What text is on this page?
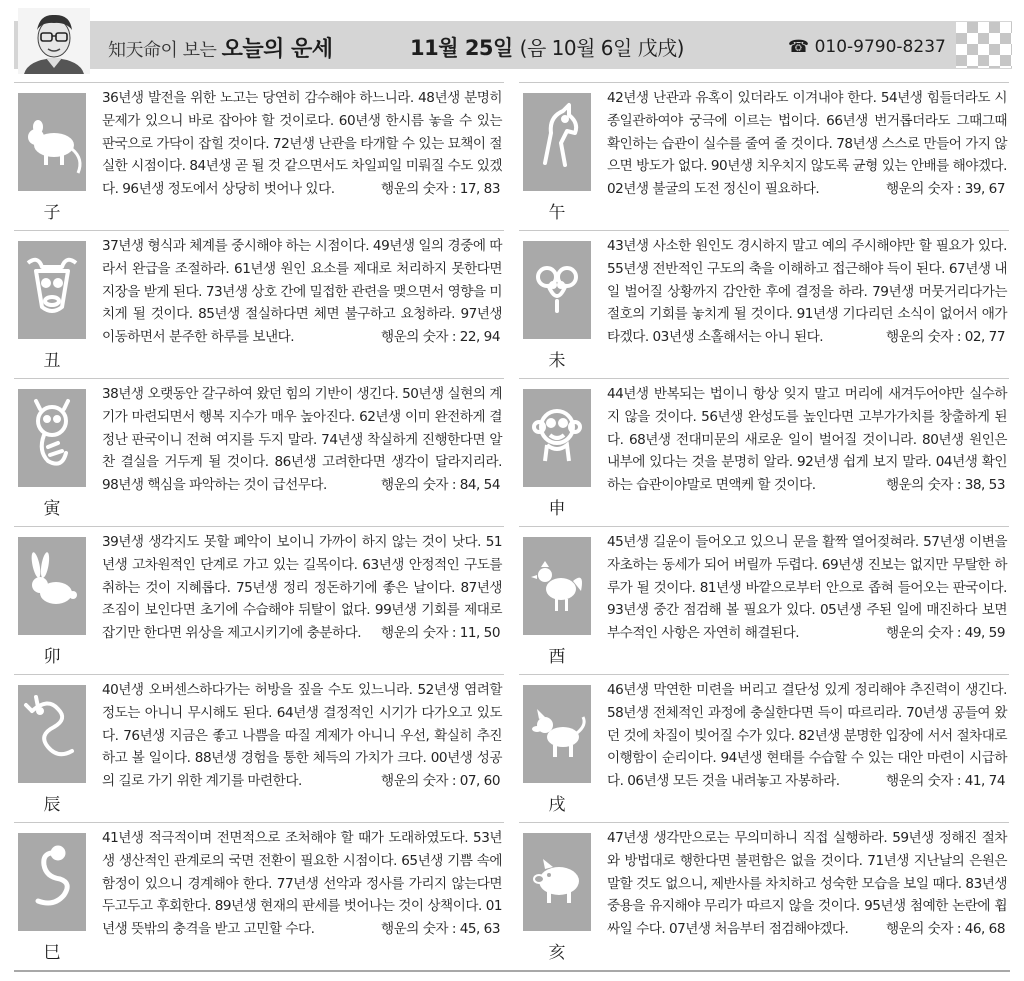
知天命이 보는 오늘의 운세	11월 25일 (음 10월 6일 戊戌)	☎ 010-9790-8237
子
36년생 발전을 위한 노고는 당연히 감수해야 하느니라. 48년생 분명히 문제가 있으니 바로 잡아야 할 것이로다. 60년생 한시름 놓을 수 있는 판국으로 가닥이 잡힐 것이다. 72년생 난관을 타개할 수 있는 묘책이 절실한 시점이다. 84년생 곧 될 것 같으면서도 차일피일 미뤄질 수도 있겠다. 96년생 정도에서 상당히 벗어나 있다.	행운의 숫자 : 17, 83
丑
37년생 형식과 체계를 중시해야 하는 시점이다. 49년생 일의 경중에 따라서 완급을 조절하라. 61년생 원인 요소를 제대로 처리하지 못한다면 지장을 받게 된다. 73년생 상호 간에 밀접한 관련을 맺으면서 영향을 미치게 될 것이다. 85년생 절실하다면 체면 불구하고 요청하라. 97년생 이동하면서 분주한 하루를 보낸다.	행운의 숫자 : 22, 94
寅
38년생 오랫동안 갈구하여 왔던 힘의 기반이 생긴다. 50년생 실현의 계기가 마련되면서 행복 지수가 매우 높아진다. 62년생 이미 완전하게 결정난 판국이니 전혀 여지를 두지 말라. 74년생 착실하게 진행한다면 알찬 결실을 거두게 될 것이다. 86년생 고려한다면 생각이 달라지리라. 98년생 핵심을 파악하는 것이 급선무다.	행운의 숫자 : 84, 54
卯
39년생 생각지도 못할 폐악이 보이니 가까이 하지 않는 것이 낫다. 51년생 고차원적인 단계로 가고 있는 길목이다. 63년생 안정적인 구도를 취하는 것이 지혜롭다. 75년생 정리 정돈하기에 좋은 날이다. 87년생 조짐이 보인다면 초기에 수습해야 뒤탈이 없다. 99년생 기회를 제대로 잡기만 한다면 위상을 제고시키기에 충분하다. 행운의 숫자 : 11, 50
辰
40년생 오버센스하다가는 허방을 짚을 수도 있느니라. 52년생 염려할 정도는 아니니 무시해도 된다. 64년생 결정적인 시기가 다가오고 있도다. 76년생 지금은 좋고 나쁨을 따질 계제가 아니니 우선, 확실히 추진하고 볼 일이다. 88년생 경험을 통한 체득의 가치가 크다. 00년생 성공의 길로 가기 위한 계기를 마련한다.	행운의 숫자 : 07, 60
巳
41년생 적극적이며 전면적으로 조처해야 할 때가 도래하였도다. 53년생 생산적인 관계로의 국면 전환이 필요한 시점이다. 65년생 기쁨 속에 함정이 있으니 경계해야 한다. 77년생 선악과 정사를 가리지 않는다면 두고두고 후회한다. 89년생 현재의 판세를 벗어나는 것이 상책이다. 01년생 뜻밖의 충격을 받고 고민할 수다.	행운의 숫자 : 45, 63
午
42년생 난관과 유혹이 있더라도 이겨내야 한다. 54년생 힘들더라도 시종일관하여야 궁극에 이르는 법이다. 66년생 번거롭더라도 그때그때 확인하는 습관이 실수를 줄여 줄 것이다. 78년생 스스로 만들어 가지 않으면 방도가 없다. 90년생 치우치지 않도록 균형 있는 안배를 해야겠다. 02년생 불굴의 도전 정신이 필요하다.	행운의 숫자 : 39, 67
未
43년생 사소한 원인도 경시하지 말고 예의 주시해야만 할 필요가 있다. 55년생 전반적인 구도의 축을 이해하고 접근해야 득이 된다. 67년생 내일 벌어질 상황까지 감안한 후에 결정을 하라. 79년생 머뭇거리다가는 절호의 기회를 놓치게 될 것이다. 91년생 기다리던 소식이 없어서 애가 타겠다. 03년생 소홀해서는 아니 된다.	행운의 숫자 : 02, 77
申
44년생 반복되는 법이니 항상 잊지 말고 머리에 새겨두어야만 실수하지 않을 것이다. 56년생 완성도를 높인다면 고부가가치를 창출하게 된다. 68년생 전대미문의 새로운 일이 벌어질 것이니라. 80년생 원인은 내부에 있다는 것을 분명히 알라. 92년생 쉽게 보지 말라. 04년생 확인하는 습관이야말로 면액케 할 것이다.	행운의 숫자 : 38, 53
酉
45년생 길운이 들어오고 있으니 문을 활짝 열어젖혀라. 57년생 이변을 자초하는 동세가 되어 버릴까 두렵다. 69년생 진보는 없지만 무탈한 하루가 될 것이다. 81년생 바깥으로부터 안으로 좁혀 들어오는 판국이다. 93년생 중간 점검해 볼 필요가 있다. 05년생 주된 일에 매진하다 보면 부수적인 사항은 자연히 해결된다.	행운의 숫자 : 49, 59
戌
46년생 막연한 미련을 버리고 결단성 있게 정리해야 추진력이 생긴다. 58년생 전체적인 과정에 충실한다면 득이 따르리라. 70년생 공들여 왔던 것에 차질이 빚어질 수가 있다. 82년생 분명한 입장에 서서 절차대로 이행함이 순리이다. 94년생 현태를 수습할 수 있는 대안 마련이 시급하다. 06년생 모든 것을 내려놓고 자봉하라.	행운의 숫자 : 41, 74
亥
47년생 생각만으로는 무의미하니 직접 실행하라. 59년생 정해진 절차와 방법대로 행한다면 불편함은 없을 것이다. 71년생 지난날의 은원은 말할 것도 없으니, 제반사를 차치하고 성숙한 모습을 보일 때다. 83년생 중용을 유지해야 무리가 따르지 않을 것이다. 95년생 첨예한 논란에 휩싸일 수다. 07년생 처음부터 점검해야겠다.	행운의 숫자 : 46, 68
